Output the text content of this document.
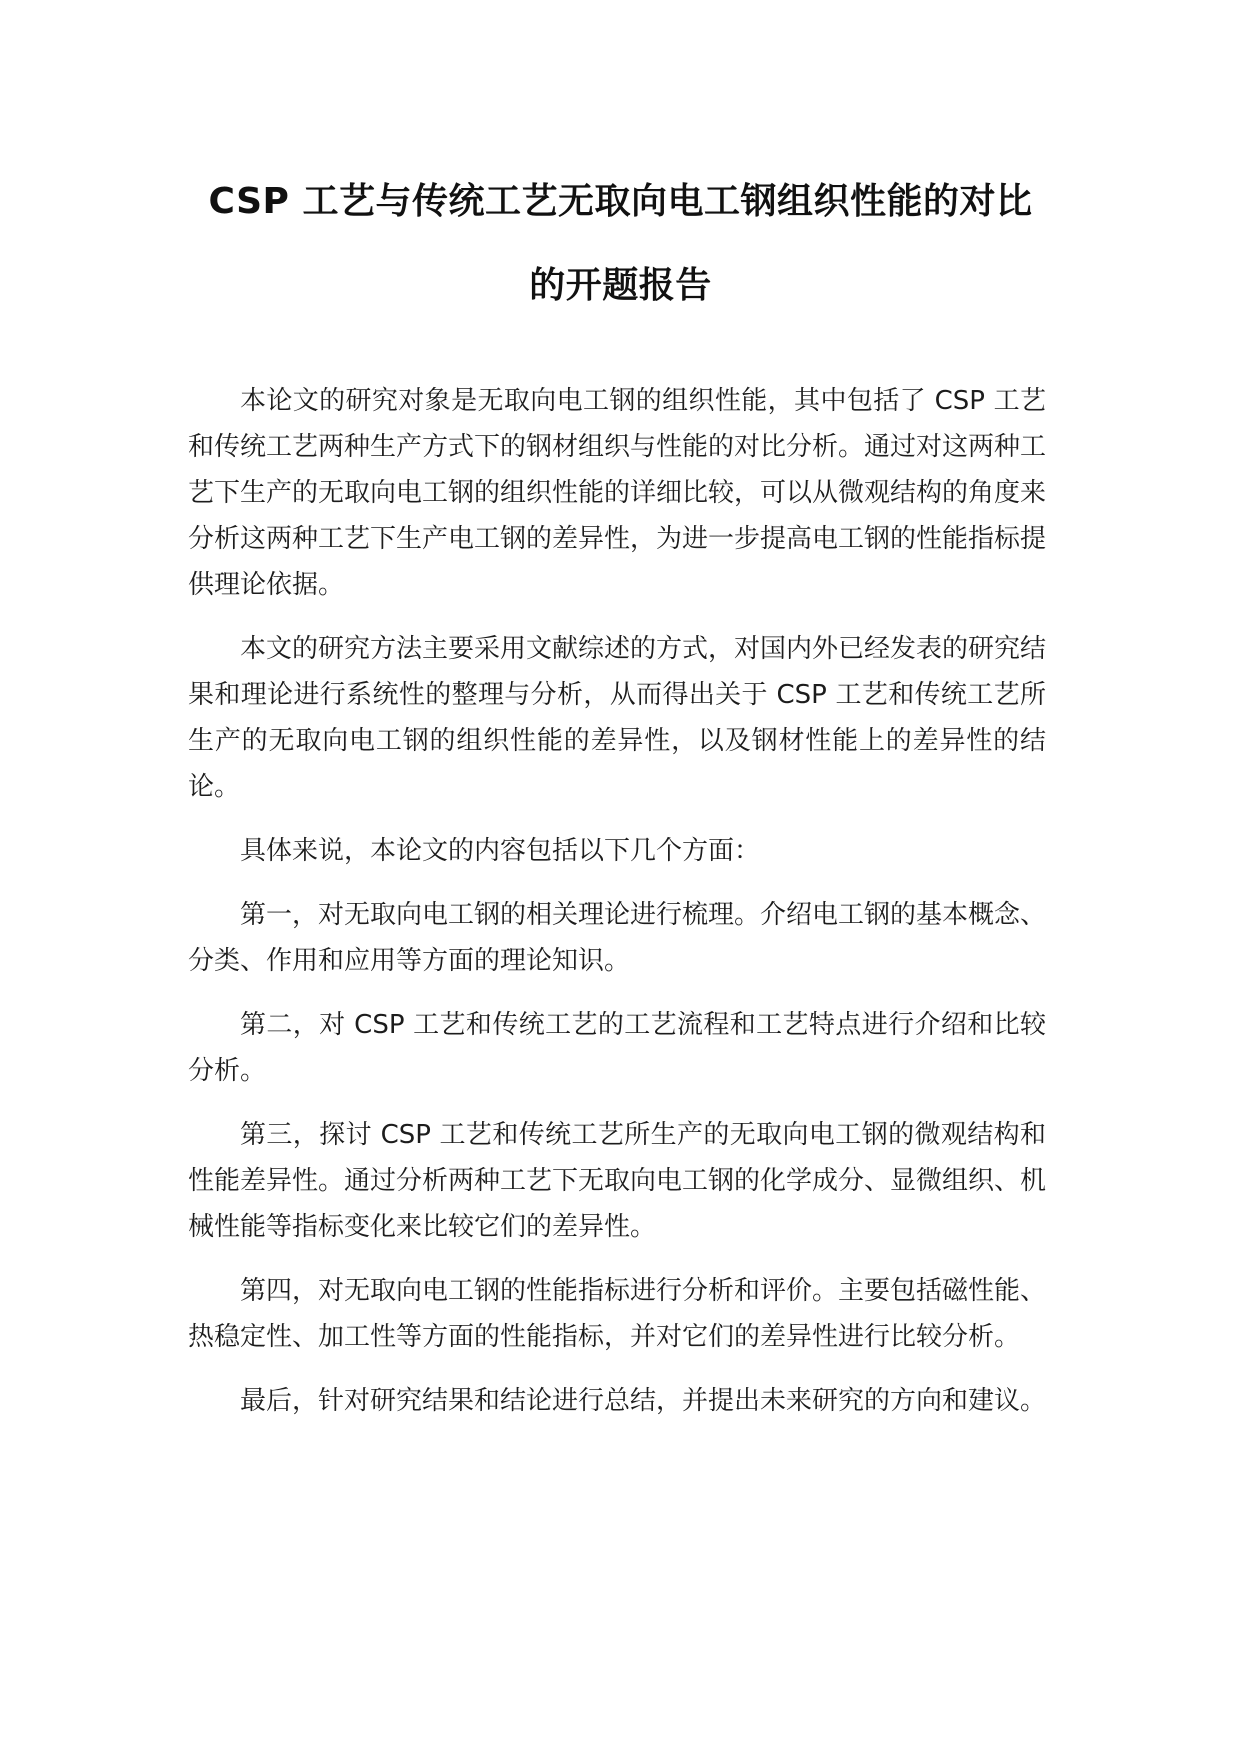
CSP 工艺与传统工艺无取向电工钢组织性能的对比
的开题报告

本论文的研究对象是无取向电工钢的组织性能，其中包括了 CSP 工艺和传统工艺两种生产方式下的钢材组织与性能的对比分析。通过对这两种工艺下生产的无取向电工钢的组织性能的详细比较，可以从微观结构的角度来分析这两种工艺下生产电工钢的差异性，为进一步提高电工钢的性能指标提供理论依据。

本文的研究方法主要采用文献综述的方式，对国内外已经发表的研究结果和理论进行系统性的整理与分析，从而得出关于 CSP 工艺和传统工艺所生产的无取向电工钢的组织性能的差异性，以及钢材性能上的差异性的结论。

具体来说，本论文的内容包括以下几个方面：

第一，对无取向电工钢的相关理论进行梳理。介绍电工钢的基本概念、分类、作用和应用等方面的理论知识。

第二，对 CSP 工艺和传统工艺的工艺流程和工艺特点进行介绍和比较分析。

第三，探讨 CSP 工艺和传统工艺所生产的无取向电工钢的微观结构和性能差异性。通过分析两种工艺下无取向电工钢的化学成分、显微组织、机械性能等指标变化来比较它们的差异性。

第四，对无取向电工钢的性能指标进行分析和评价。主要包括磁性能、热稳定性、加工性等方面的性能指标，并对它们的差异性进行比较分析。

最后，针对研究结果和结论进行总结，并提出未来研究的方向和建议。
